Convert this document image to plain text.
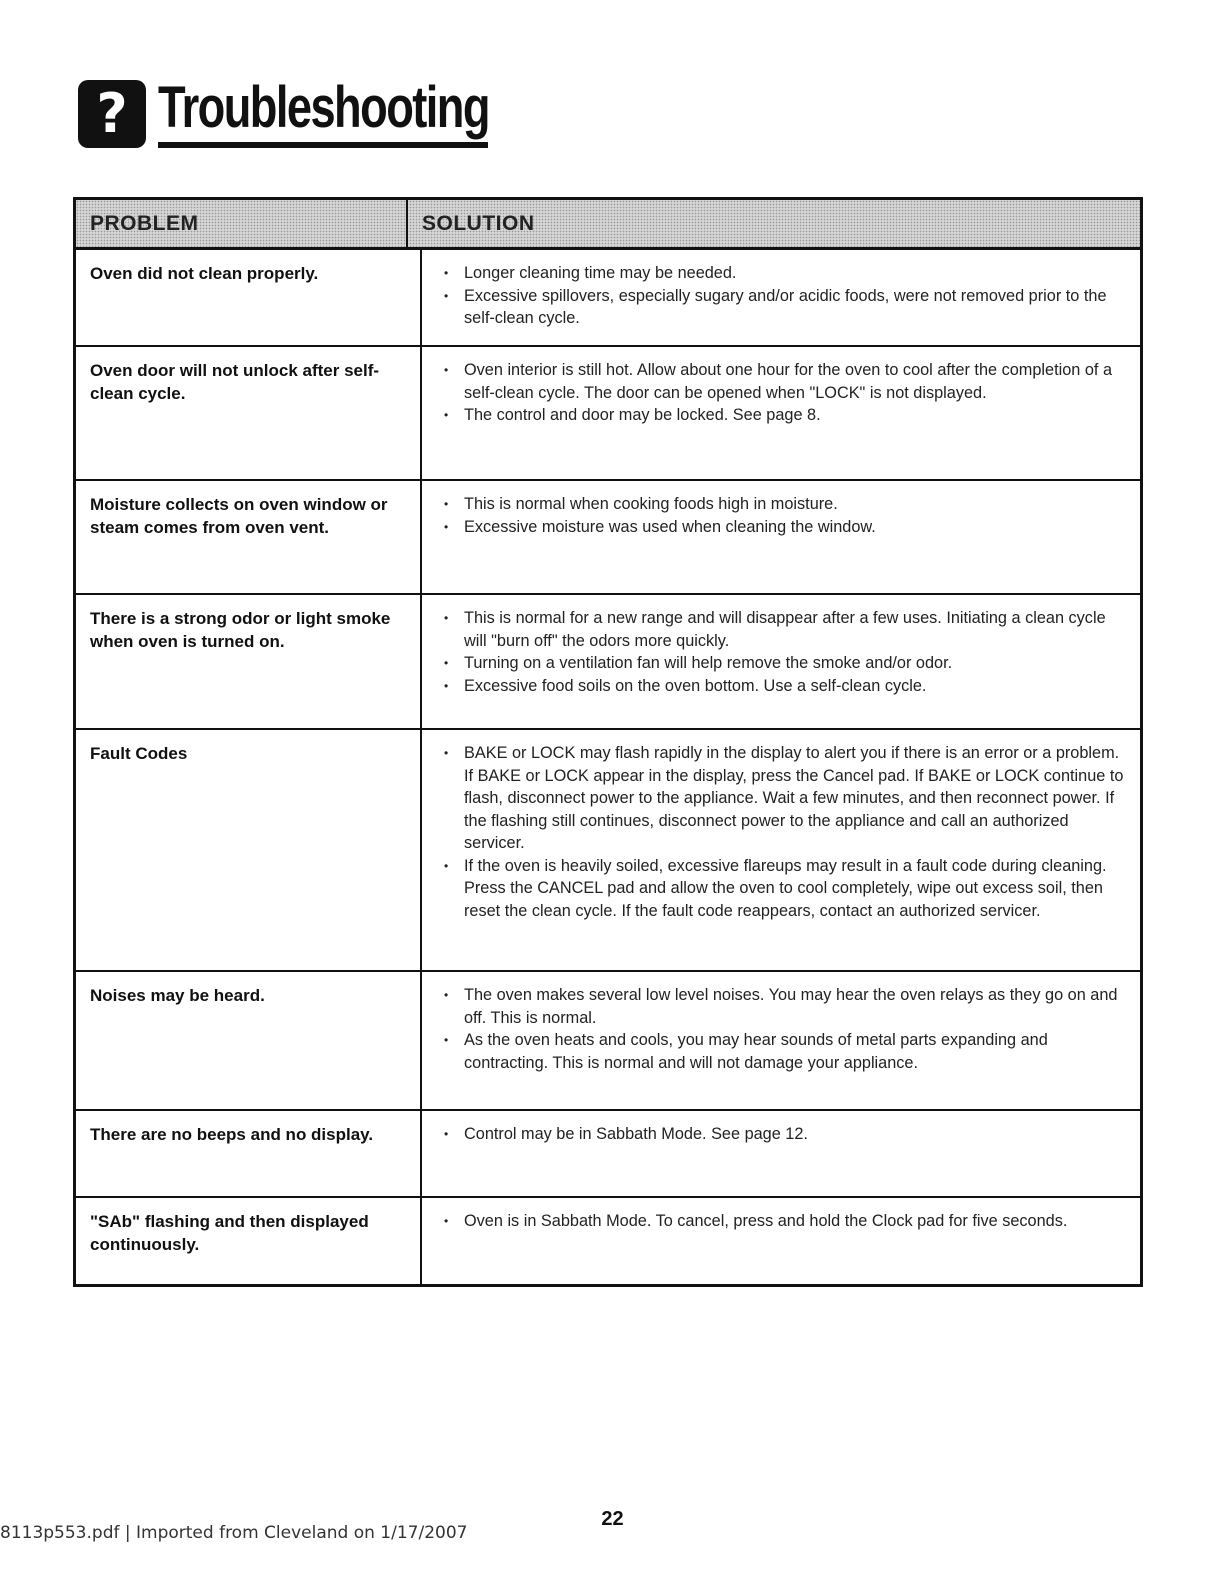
? Troubleshooting
PROBLEM	SOLUTION
Oven did not clean properly.	• Longer cleaning time may be needed.
• Excessive spillovers, especially sugary and/or acidic foods, were not removed prior to the self-clean cycle.
Oven door will not unlock after self-clean cycle.
• Oven interior is still hot. Allow about one hour for the oven to cool after the completion of a self-clean cycle. The door can be opened when "LOCK" is not displayed.
• The control and door may be locked. See page 8.
Moisture collects on oven window or steam comes from oven vent.
• This is normal when cooking foods high in moisture.
• Excessive moisture was used when cleaning the window.
There is a strong odor or light smoke when oven is turned on.
• This is normal for a new range and will disappear after a few uses. Initiating a clean cycle will "burn off" the odors more quickly.
• Turning on a ventilation fan will help remove the smoke and/or odor.
• Excessive food soils on the oven bottom. Use a self-clean cycle.
Fault Codes	• BAKE or LOCK may flash rapidly in the display to alert you if there is an error or a problem. If BAKE or LOCK appear in the display, press the Cancel pad. If BAKE or LOCK continue to flash, disconnect power to the appliance. Wait a few minutes, and then reconnect power. If the flashing still continues, disconnect power to the appliance and call an authorized servicer.
• If the oven is heavily soiled, excessive flareups may result in a fault code during cleaning. Press the CANCEL pad and allow the oven to cool completely, wipe out excess soil, then reset the clean cycle. If the fault code reappears, contact an authorized servicer.
Noises may be heard.	• The oven makes several low level noises. You may hear the oven relays as they go on and off. This is normal.
• As the oven heats and cools, you may hear sounds of metal parts expanding and contracting. This is normal and will not damage your appliance.
There are no beeps and no display.	• Control may be in Sabbath Mode. See page 12.
"SAb" flashing and then displayed continuously.
• Oven is in Sabbath Mode. To cancel, press and hold the Clock pad for five seconds.
22
8113p553.pdf | Imported from Cleveland on 1/17/2007
